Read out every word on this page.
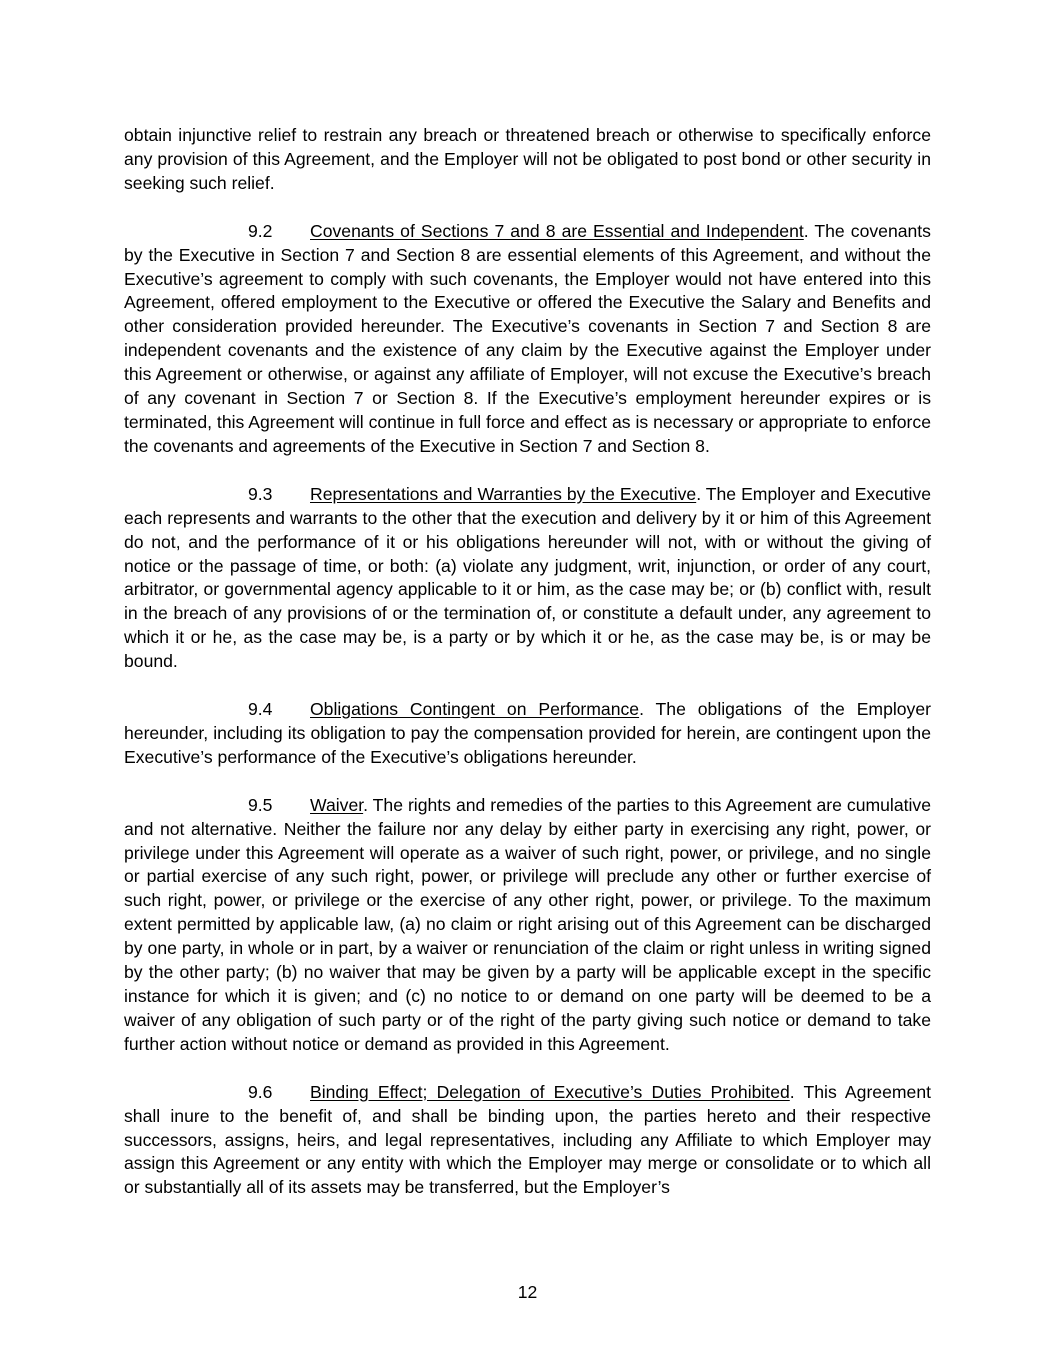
obtain injunctive relief to restrain any breach or threatened breach or otherwise to specifically enforce any provision of this Agreement, and the Employer will not be obligated to post bond or other security in seeking such relief.

9.2 Covenants of Sections 7 and 8 are Essential and Independent. The covenants by the Executive in Section 7 and Section 8 are essential elements of this Agreement, and without the Executive’s agreement to comply with such covenants, the Employer would not have entered into this Agreement, offered employment to the Executive or offered the Executive the Salary and Benefits and other consideration provided hereunder. The Executive’s covenants in Section 7 and Section 8 are independent covenants and the existence of any claim by the Executive against the Employer under this Agreement or otherwise, or against any affiliate of Employer, will not excuse the Executive’s breach of any covenant in Section 7 or Section 8. If the Executive’s employment hereunder expires or is terminated, this Agreement will continue in full force and effect as is necessary or appropriate to enforce the covenants and agreements of the Executive in Section 7 and Section 8.

9.3 Representations and Warranties by the Executive. The Employer and Executive each represents and warrants to the other that the execution and delivery by it or him of this Agreement do not, and the performance of it or his obligations hereunder will not, with or without the giving of notice or the passage of time, or both: (a) violate any judgment, writ, injunction, or order of any court, arbitrator, or governmental agency applicable to it or him, as the case may be; or (b) conflict with, result in the breach of any provisions of or the termination of, or constitute a default under, any agreement to which it or he, as the case may be, is a party or by which it or he, as the case may be, is or may be bound.

9.4 Obligations Contingent on Performance. The obligations of the Employer hereunder, including its obligation to pay the compensation provided for herein, are contingent upon the Executive’s performance of the Executive’s obligations hereunder.

9.5 Waiver. The rights and remedies of the parties to this Agreement are cumulative and not alternative. Neither the failure nor any delay by either party in exercising any right, power, or privilege under this Agreement will operate as a waiver of such right, power, or privilege, and no single or partial exercise of any such right, power, or privilege will preclude any other or further exercise of such right, power, or privilege or the exercise of any other right, power, or privilege. To the maximum extent permitted by applicable law, (a) no claim or right arising out of this Agreement can be discharged by one party, in whole or in part, by a waiver or renunciation of the claim or right unless in writing signed by the other party; (b) no waiver that may be given by a party will be applicable except in the specific instance for which it is given; and (c) no notice to or demand on one party will be deemed to be a waiver of any obligation of such party or of the right of the party giving such notice or demand to take further action without notice or demand as provided in this Agreement.

9.6 Binding Effect; Delegation of Executive’s Duties Prohibited. This Agreement shall inure to the benefit of, and shall be binding upon, the parties hereto and their respective successors, assigns, heirs, and legal representatives, including any Affiliate to which Employer may assign this Agreement or any entity with which the Employer may merge or consolidate or to which all or substantially all of its assets may be transferred, but the Employer’s

12
